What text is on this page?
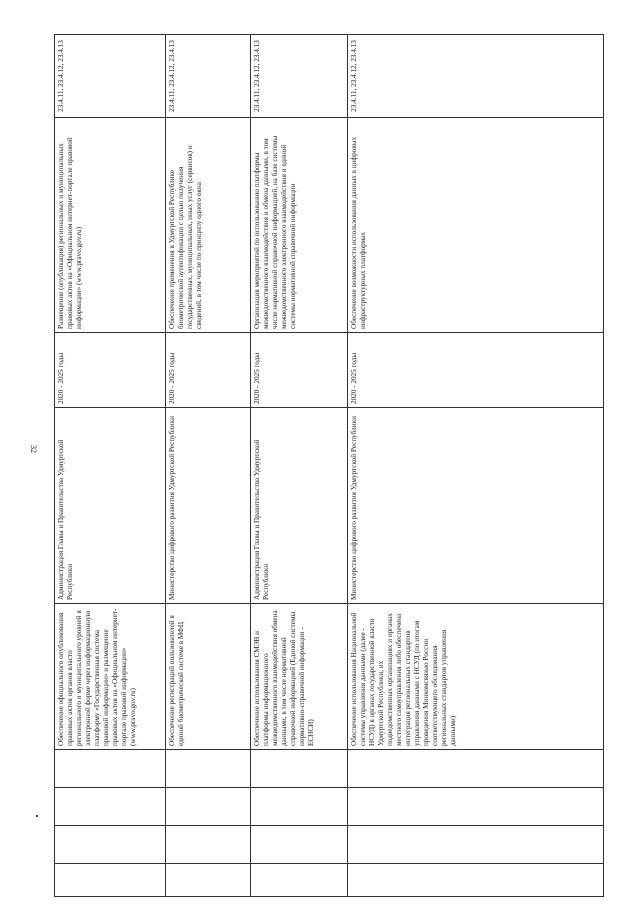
32
23.4.11, 23.4.12, 23.4.13
Размещение (опубликация) региональных и муниципальных правовых актов на «Официальном интернет-портале правовой информации» (www.pravo.gov.ru)
2020 - 2025 годы
Администрация Главы и Правительства Удмуртской Республики
Обеспечение официального опубликования правовых актов органов власти регионального и муниципального уровней в электронной форме через информационную платформу «Государственная система правовой информации» и размещение правовых актов на «Официальном интернет-портале правовой информации» (www.pravo.gov.ru)
23.4.11, 23.4.12, 23.4.13
Обеспечение применения в Удмуртской Республике биометрической аутентификации с целью получения государственных, муниципальных, иных услуг (сервисов) и сведений, в том числе по принципу одного окна
2020 - 2025 годы
Министерство цифрового развития Удмуртской Республики
Обеспечение регистраций пользователей в единой биометрической системе в МФЦ
23.4.11, 23.4.12, 23.4.13
Организация мероприятий по использованию платформы межведомственного взаимодействия и обмена данными, в том числе нормативной справочной информацией, на базе системы межведомственного электронного взаимодействия и единой системы нормативной справочной информации
2020 - 2025 годы
Администрация Главы и Правительства Удмуртской Республики
Обеспечение использования СМЭВ и платформы информационного межведомственного взаимодействия обмена данными, в том числе нормативной справочной информацией (Единой системы нормативно-справочной информации - ЕСНСИ)
23.4.11, 23.4.12, 23.4.13
Обеспечение возможности использования данных в цифровых инфраструктурных платформах
2020 - 2025 годы
Министерство цифрового развития Удмуртской Республики
Обеспечение использования Национальной системы управления данными (далее - НСУД) в органах государственной власти Удмуртской Республики, их подведомственных организациях и органах местного самоуправления либо обеспечена интеграция региональных стандартов управления данными с НСУД (по итогам проведения Минкомсвязью России соответствующего обследования региональных стандартов управления данными)
